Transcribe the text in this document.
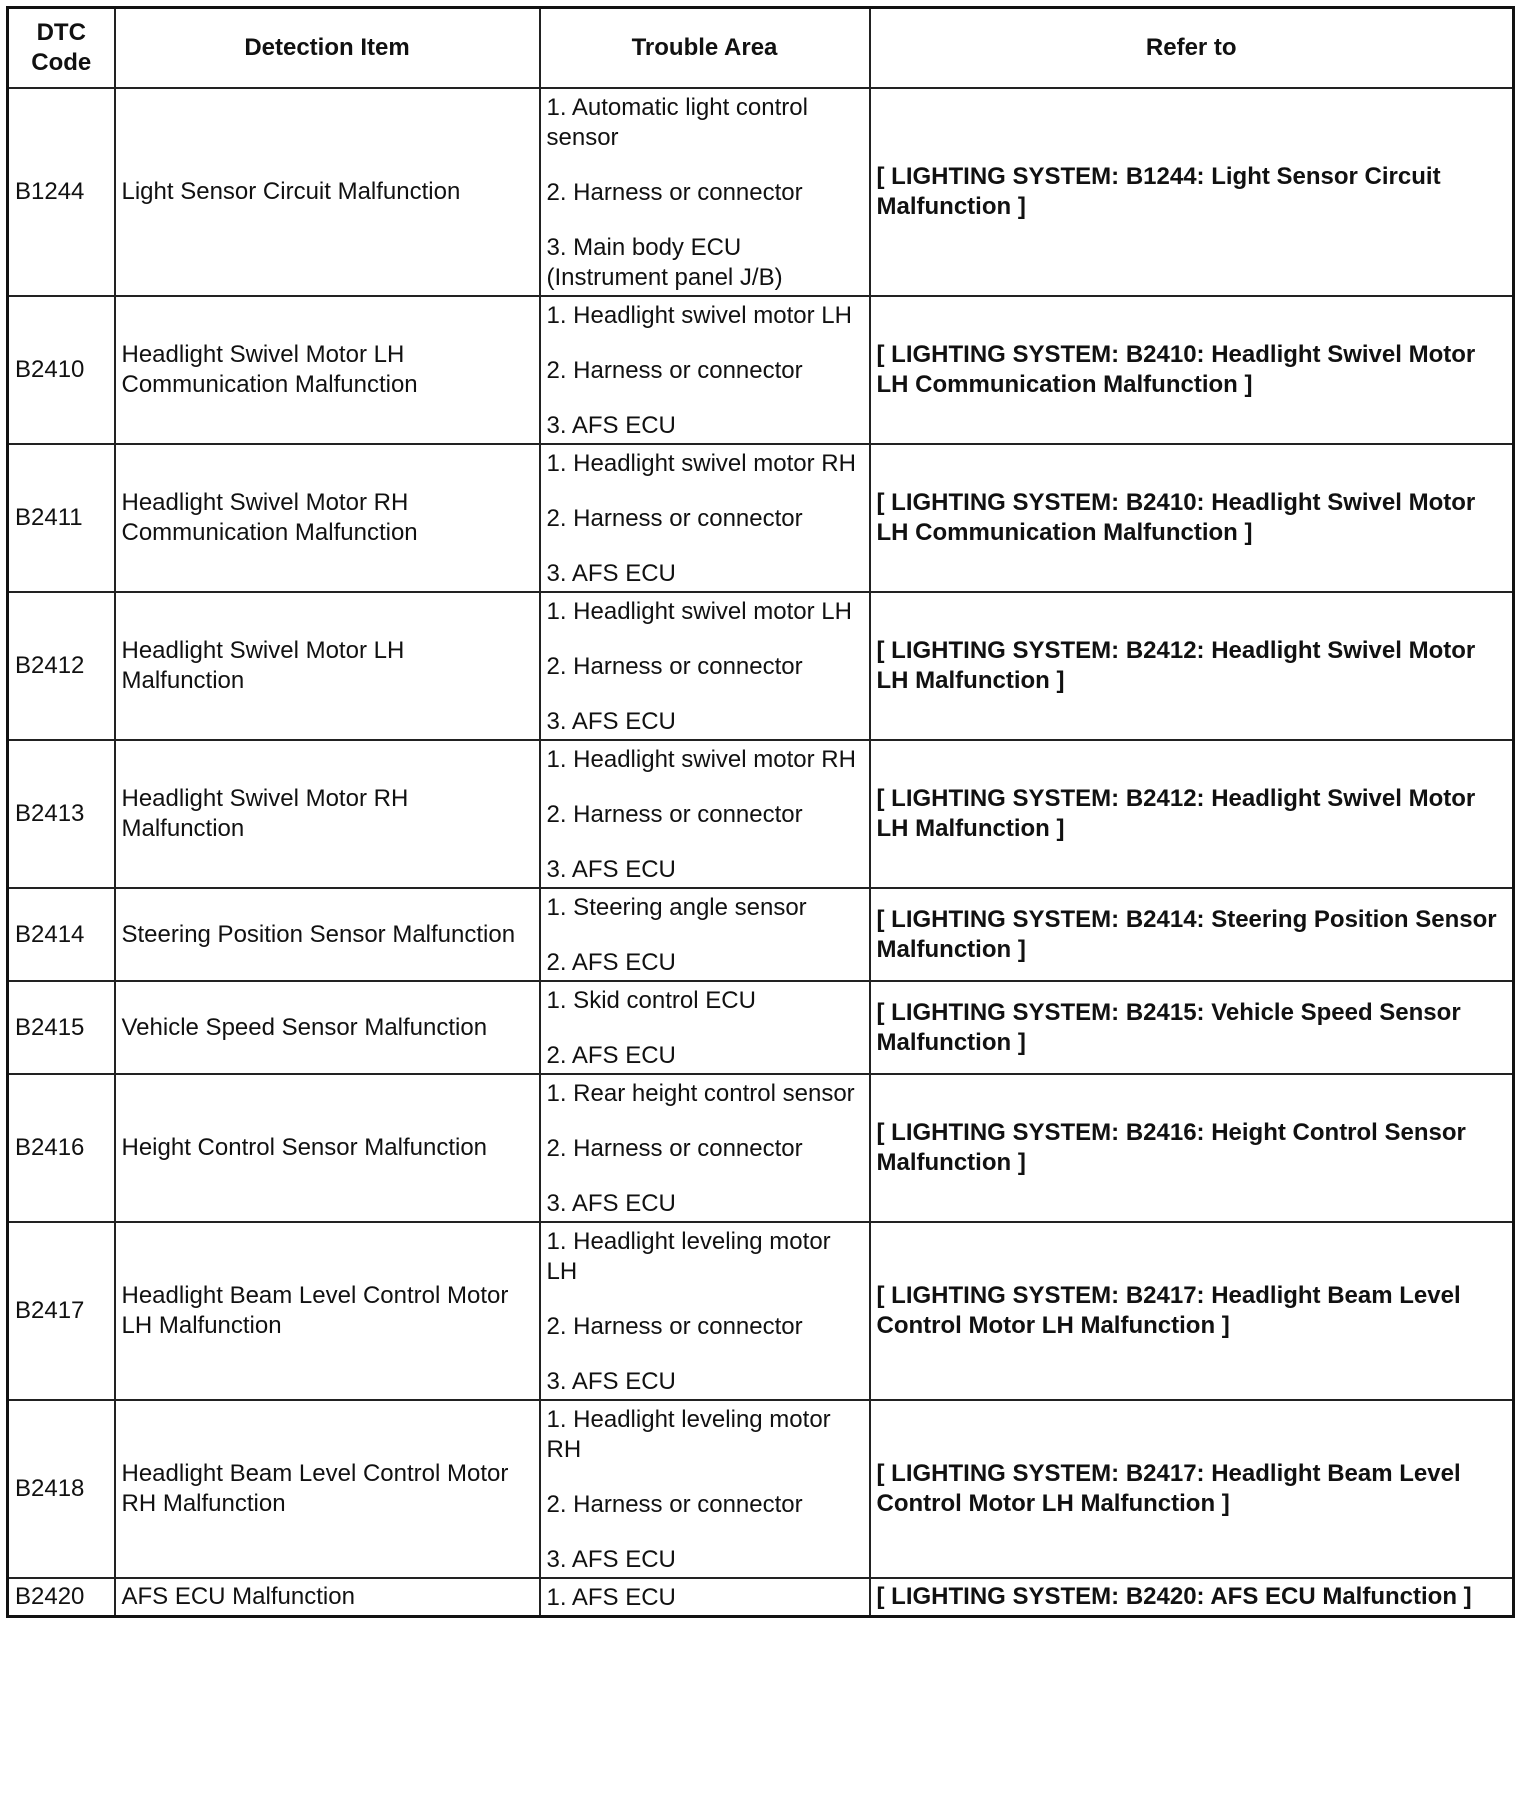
DTC Code	Detection Item	Trouble Area	Refer to
B1244	Light Sensor Circuit Malfunction	1. Automatic light control sensor
2. Harness or connector
3. Main body ECU (Instrument panel J/B)	[ LIGHTING SYSTEM: B1244: Light Sensor Circuit Malfunction ]
B2410	Headlight Swivel Motor LH Communication Malfunction	1. Headlight swivel motor LH
2. Harness or connector
3. AFS ECU	[ LIGHTING SYSTEM: B2410: Headlight Swivel Motor LH Communication Malfunction ]
B2411	Headlight Swivel Motor RH Communication Malfunction	1. Headlight swivel motor RH
2. Harness or connector
3. AFS ECU	[ LIGHTING SYSTEM: B2410: Headlight Swivel Motor LH Communication Malfunction ]
B2412	Headlight Swivel Motor LH Malfunction	1. Headlight swivel motor LH
2. Harness or connector
3. AFS ECU	[ LIGHTING SYSTEM: B2412: Headlight Swivel Motor LH Malfunction ]
B2413	Headlight Swivel Motor RH Malfunction	1. Headlight swivel motor RH
2. Harness or connector
3. AFS ECU	[ LIGHTING SYSTEM: B2412: Headlight Swivel Motor LH Malfunction ]
B2414	Steering Position Sensor Malfunction	1. Steering angle sensor
2. AFS ECU	[ LIGHTING SYSTEM: B2414: Steering Position Sensor Malfunction ]
B2415	Vehicle Speed Sensor Malfunction	1. Skid control ECU
2. AFS ECU	[ LIGHTING SYSTEM: B2415: Vehicle Speed Sensor Malfunction ]
B2416	Height Control Sensor Malfunction	1. Rear height control sensor
2. Harness or connector
3. AFS ECU	[ LIGHTING SYSTEM: B2416: Height Control Sensor Malfunction ]
B2417	Headlight Beam Level Control Motor LH Malfunction	1. Headlight leveling motor LH
2. Harness or connector
3. AFS ECU	[ LIGHTING SYSTEM: B2417: Headlight Beam Level Control Motor LH Malfunction ]
B2418	Headlight Beam Level Control Motor RH Malfunction	1. Headlight leveling motor RH
2. Harness or connector
3. AFS ECU	[ LIGHTING SYSTEM: B2417: Headlight Beam Level Control Motor LH Malfunction ]
B2420	AFS ECU Malfunction	1. AFS ECU	[ LIGHTING SYSTEM: B2420: AFS ECU Malfunction ]
